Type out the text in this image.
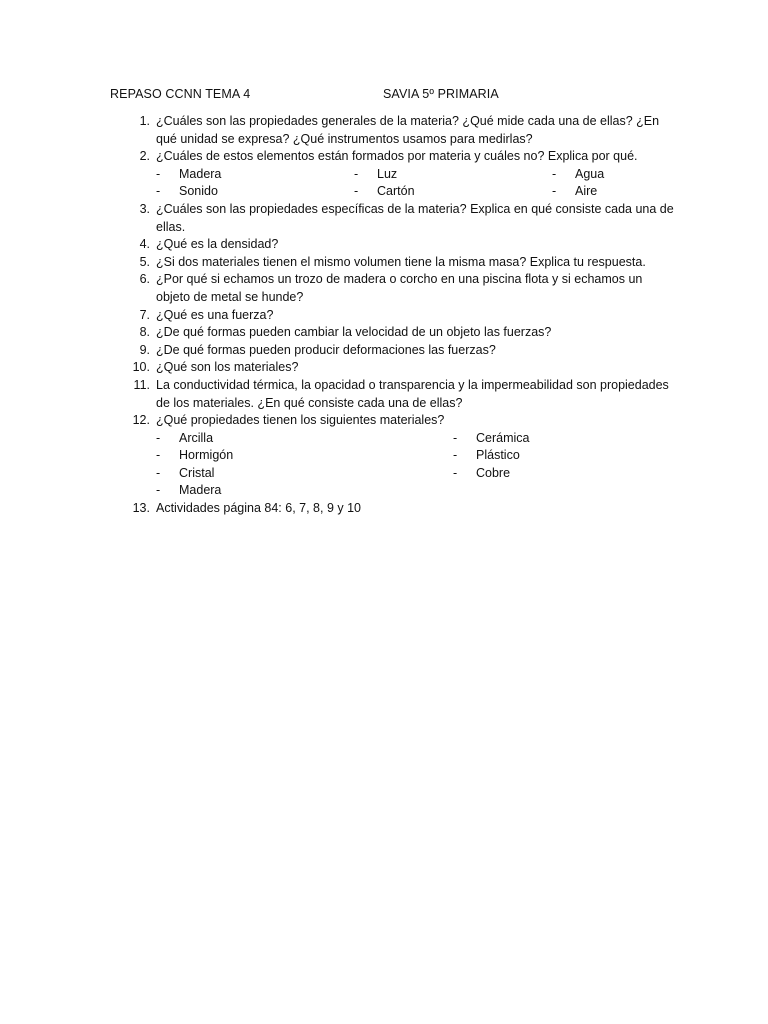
REPASO CCNN TEMA 4	SAVIA 5º PRIMARIA
1. ¿Cuáles son las propiedades generales de la materia? ¿Qué mide cada una de ellas? ¿En qué unidad se expresa? ¿Qué instrumentos usamos para medirlas?
2. ¿Cuáles de estos elementos están formados por materia y cuáles no? Explica por qué.
- Madera	- Luz	- Agua
- Sonido	- Cartón	- Aire
3. ¿Cuáles son las propiedades específicas de la materia? Explica en qué consiste cada una de ellas.
4. ¿Qué es la densidad?
5. ¿Si dos materiales tienen el mismo volumen tiene la misma masa? Explica tu respuesta.
6. ¿Por qué si echamos un trozo de madera o corcho en una piscina flota y si echamos un objeto de metal se hunde?
7. ¿Qué es una fuerza?
8. ¿De qué formas pueden cambiar la velocidad de un objeto las fuerzas?
9. ¿De qué formas pueden producir deformaciones las fuerzas?
10. ¿Qué son los materiales?
11. La conductividad térmica, la opacidad o transparencia y la impermeabilidad son propiedades de los materiales. ¿En qué consiste cada una de ellas?
12. ¿Qué propiedades tienen los siguientes materiales?
- Arcilla	- Cerámica
- Hormigón	- Plástico
- Cristal	- Cobre
- Madera
13. Actividades página 84: 6, 7, 8, 9 y 10
